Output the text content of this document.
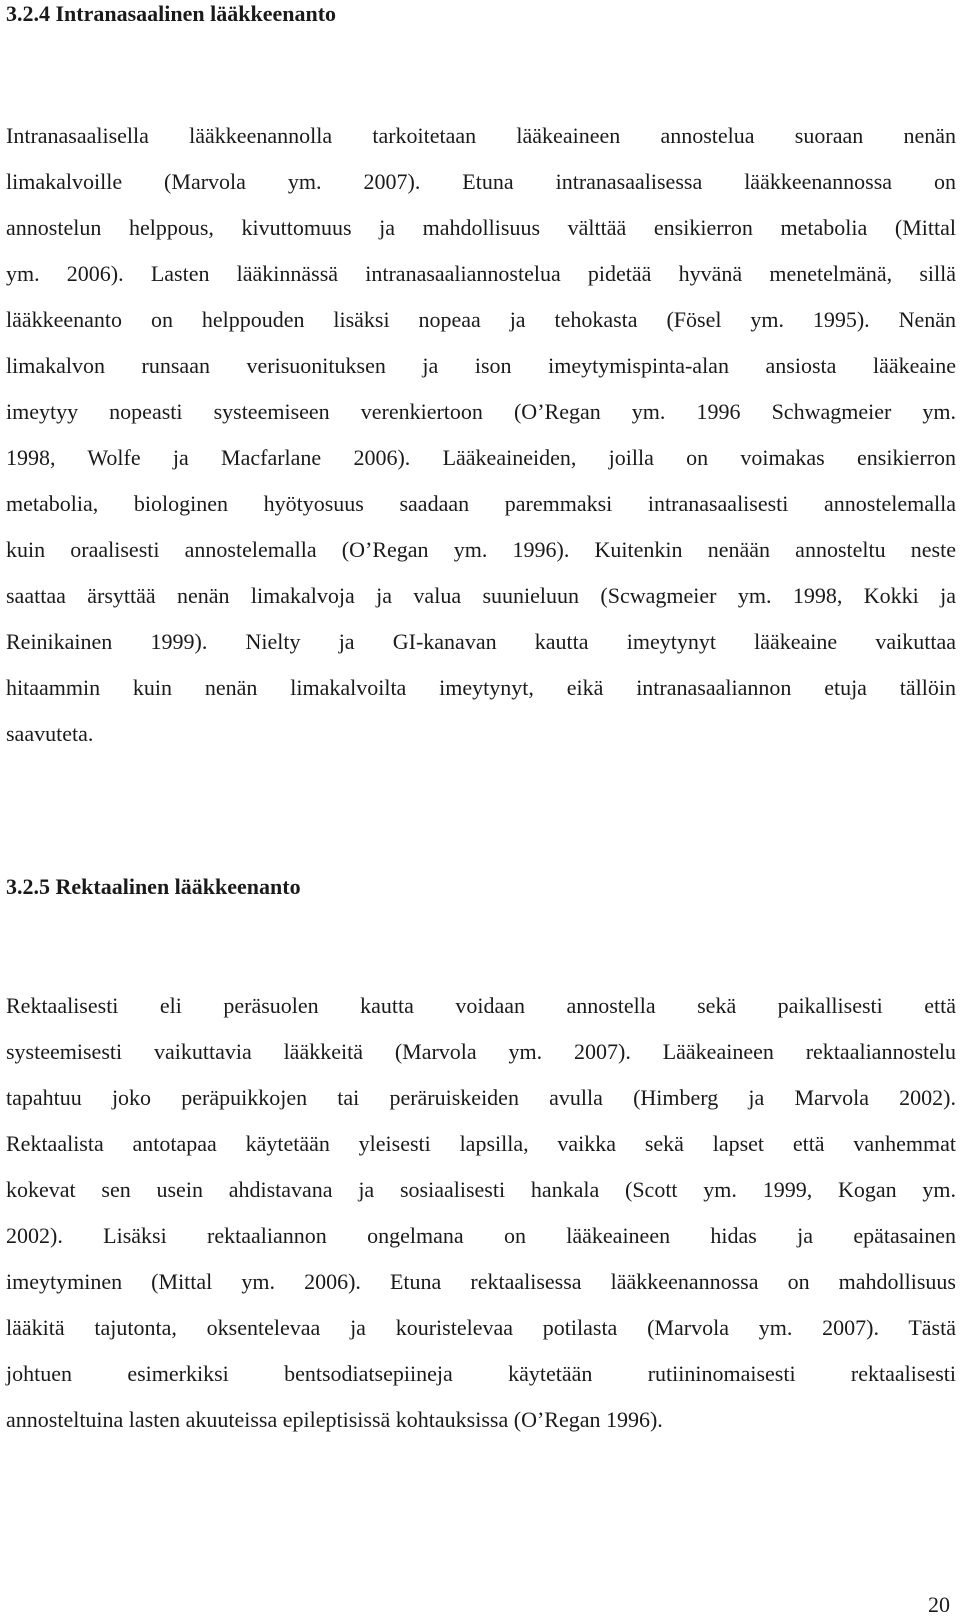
3.2.4 Intranasaalinen lääkkeenanto

Intranasaalisella lääkkeenannolla tarkoitetaan lääkeaineen annostelua suoraan nenän
limakalvoille (Marvola ym. 2007). Etuna intranasaalisessa lääkkeenannossa on
annostelun helppous, kivuttomuus ja mahdollisuus välttää ensikierron metabolia (Mittal
ym. 2006). Lasten lääkinnässä intranasaaliannostelua pidetää hyvänä menetelmänä, sillä
lääkkeenanto on helppouden lisäksi nopeaa ja tehokasta (Fösel ym. 1995). Nenän
limakalvon runsaan verisuonituksen ja ison imeytymispinta-alan ansiosta lääkeaine
imeytyy nopeasti systeemiseen verenkiertoon (O’Regan ym. 1996 Schwagmeier ym.
1998, Wolfe ja Macfarlane 2006). Lääkeaineiden, joilla on voimakas ensikierron
metabolia, biologinen hyötyosuus saadaan paremmaksi intranasaalisesti annostelemalla
kuin oraalisesti annostelemalla (O’Regan ym. 1996). Kuitenkin nenään annosteltu neste
saattaa ärsyttää nenän limakalvoja ja valua suunieluun (Scwagmeier ym. 1998, Kokki ja
Reinikainen 1999). Nielty ja GI-kanavan kautta imeytynyt lääkeaine vaikuttaa
hitaammin kuin nenän limakalvoilta imeytynyt, eikä intranasaaliannon etuja tällöin
saavuteta.

3.2.5 Rektaalinen lääkkeenanto

Rektaalisesti eli peräsuolen kautta voidaan annostella sekä paikallisesti että
systeemisesti vaikuttavia lääkkeitä (Marvola ym. 2007). Lääkeaineen rektaaliannostelu
tapahtuu joko peräpuikkojen tai peräruiskeiden avulla (Himberg ja Marvola 2002).
Rektaalista antotapaa käytetään yleisesti lapsilla, vaikka sekä lapset että vanhemmat
kokevat sen usein ahdistavana ja sosiaalisesti hankala (Scott ym. 1999, Kogan ym.
2002). Lisäksi rektaaliannon ongelmana on lääkeaineen hidas ja epätasainen
imeytyminen (Mittal ym. 2006). Etuna rektaalisessa lääkkeenannossa on mahdollisuus
lääkitä tajutonta, oksentelevaa ja kouristelevaa potilasta (Marvola ym. 2007). Tästä
johtuen esimerkiksi bentsodiatsepiineja käytetään rutiininomaisesti rektaalisesti
annosteltuina lasten akuuteissa epileptisissä kohtauksissa (O’Regan 1996).

20
